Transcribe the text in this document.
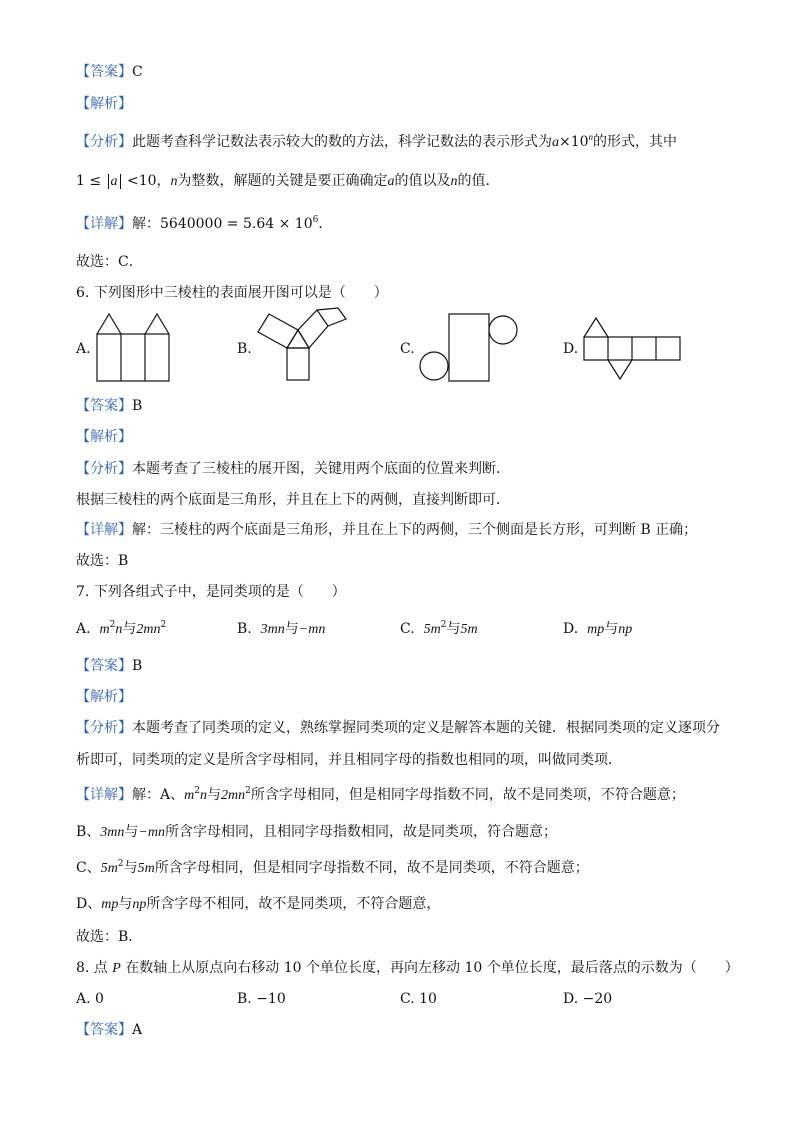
【答案】C
【解析】
【分析】此题考查科学记数法表示较大的数的方法，科学记数法的表示形式为$a\times 10^n$的形式，其中
1 ≤ a <10，n为整数，解题的关键是要正确确定a的值以及n的值．
【详解】解：$5640000 = 5.64 \times 10^6$．
故选：C．
6. 下列图形中三棱柱的表面展开图可以是（　　）
A.	B.	C.	D.
【答案】B
【解析】
【分析】本题考查了三棱柱的展开图，关键用两个底面的位置来判断．
根据三棱柱的两个底面是三角形，并且在上下的两侧，直接判断即可．
【详解】解：三棱柱的两个底面是三角形，并且在上下的两侧，三个侧面是长方形，可判断 B 正确；
故选：B
7. 下列各组式子中，是同类项的是（　　）
A. $m^2n$与$2mn^2$	B. 3mn与−mn	C. $5m^2$与5m	D. mp与np
【答案】B
【解析】
【分析】本题考查了同类项的定义，熟练掌握同类项的定义是解答本题的关键．根据同类项的定义逐项分
析即可，同类项的定义是所含字母相同，并且相同字母的指数也相同的项，叫做同类项．
【详解】解：A、$m^2n$与$2mn^2$所含字母相同，但是相同字母指数不同，故不是同类项，不符合题意；
B、3mn与−mn所含字母相同，且相同字母指数相同，故是同类项，符合题意；
C、$5m^2$与5m所含字母相同，但是相同字母指数不同，故不是同类项，不符合题意；
D、mp与np所含字母不相同，故不是同类项，不符合题意，
故选：B．
8. 点 P 在数轴上从原点向右移动 10 个单位长度，再向左移动 10 个单位长度，最后落点的示数为（　　）
A. 0	B. −10	C. 10	D. −20
【答案】A
